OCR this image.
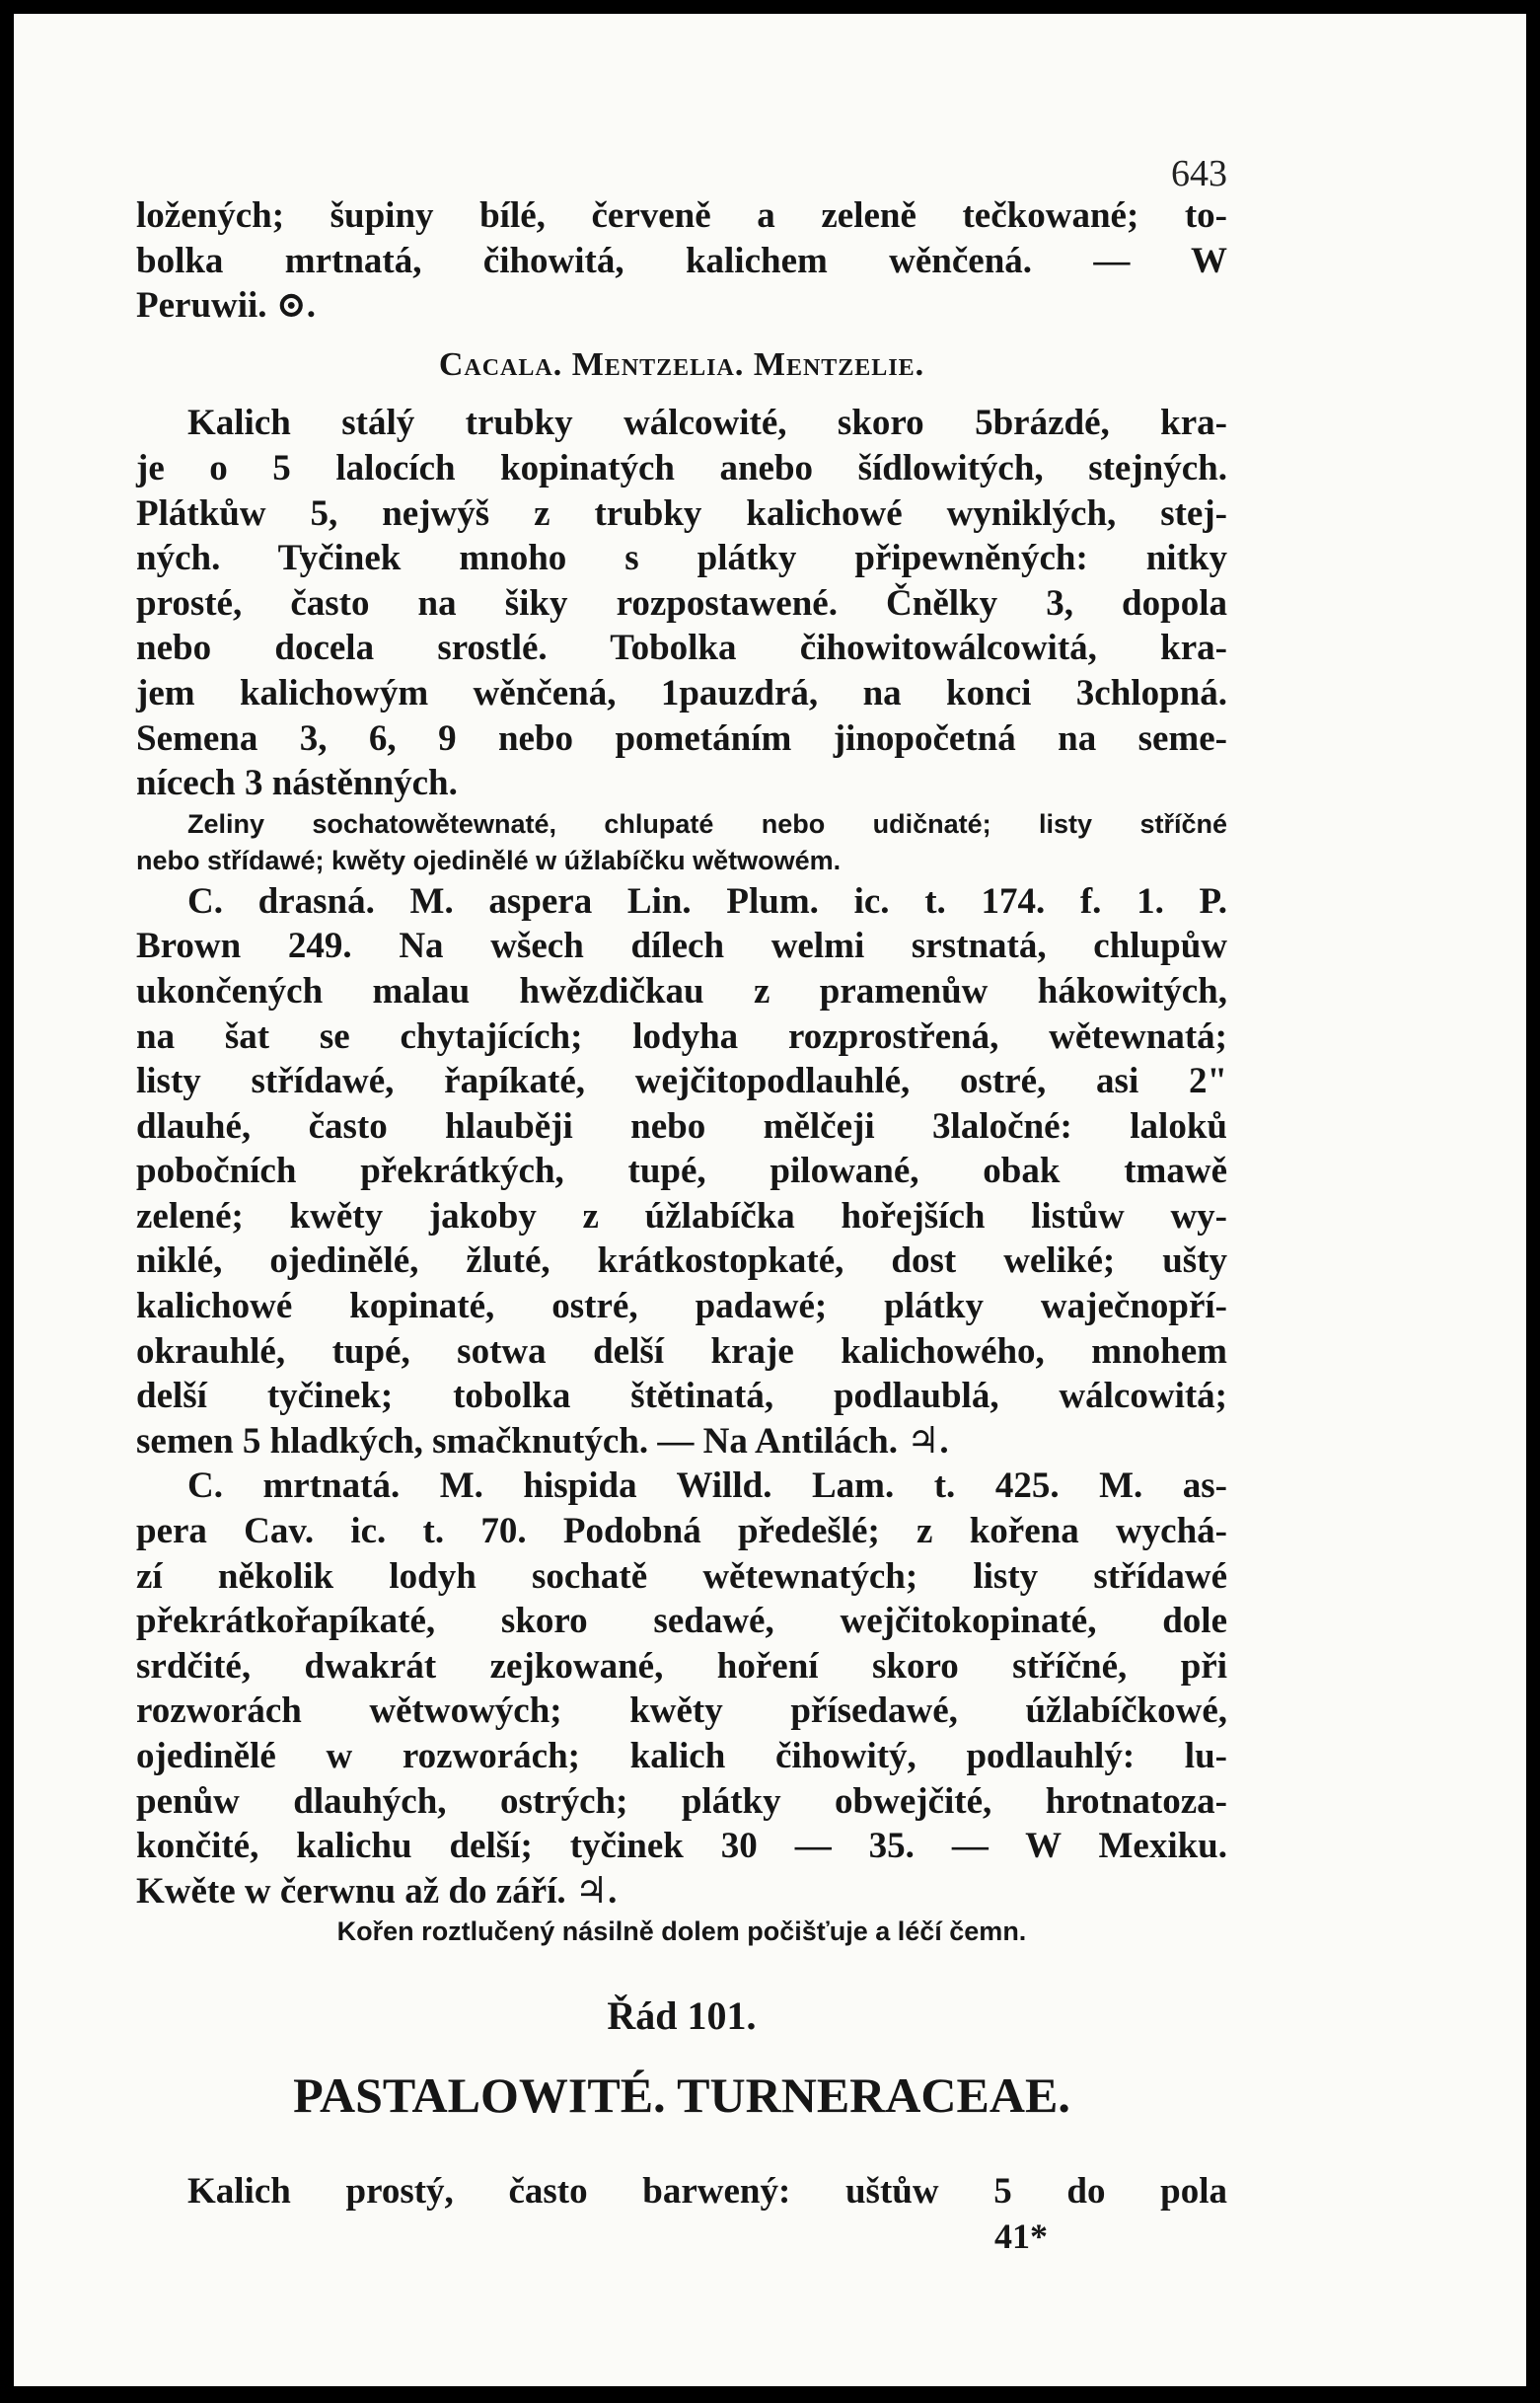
643
ložených; šupiny bílé, červeně a zeleně tečkowané; to-
bolka mrtnatá, čihowitá, kalichem wěnčená. — W
Peruwii. ⊙.
Cacala. Mentzelia. Mentzelie.
Kalich stálý trubky wálcowité, skoro 5brázdé, kra-
je o 5 lalocích kopinatých anebo šídlowitých, stejných.
Plátkůw 5, nejwýš z trubky kalichowé wyniklých, stej-
ných. Tyčinek mnoho s plátky připewněných: nitky
prosté, často na šiky rozpostawené. Čnělky 3, dopola
nebo docela srostlé. Tobolka čihowitowálcowitá, kra-
jem kalichowým wěnčená, 1pauzdrá, na konci 3chlopná.
Semena 3, 6, 9 nebo pometáním jinopočetná na seme-
nícech 3 nástěnných.
Zeliny sochatowětewnaté, chlupaté nebo udičnaté; listy stříčné
nebo střídawé; kwěty ojedinělé w úžlabíčku wětwowém.
C. drasná. M. aspera Lin. Plum. ic. t. 174. f. 1. P.
Brown 249. Na wšech dílech welmi srstnatá, chlupůw
ukončených malau hwězdičkau z pramenůw hákowitých,
na šat se chytajících; lodyha rozprostřená, wětewnatá;
listy střídawé, řapíkaté, wejčitopodlauhlé, ostré, asi 2"
dlauhé, často hlauběji nebo mělčeji 3laločné: laloků
pobočních překrátkých, tupé, pilowané, obak tmawě
zelené; kwěty jakoby z úžlabíčka hořejších listůw wy-
niklé, ojedinělé, žluté, krátkostopkaté, dost weliké; ušty
kalichowé kopinaté, ostré, padawé; plátky waječnopří-
okrauhlé, tupé, sotwa delší kraje kalichowého, mnohem
delší tyčinek; tobolka štětinatá, podlaublá, wálcowitá;
semen 5 hladkých, smačknutých. — Na Antilách. ♃.
C. mrtnatá. M. hispida Willd. Lam. t. 425. M. as-
pera Cav. ic. t. 70. Podobná předešlé; z kořena wychá-
zí několik lodyh sochatě wětewnatých; listy střídawé
překrátkořapíkaté, skoro sedawé, wejčitokopinaté, dole
srdčité, dwakrát zejkowané, hoření skoro stříčné, při
rozworách wětwowých; kwěty přísedawé, úžlabíčkowé,
ojedinělé w rozworách; kalich čihowitý, podlauhlý: lu-
penůw dlauhých, ostrých; plátky obwejčité, hrotnatoza-
končité, kalichu delší; tyčinek 30 — 35. — W Mexiku.
Kwěte w čerwnu až do září. ♃.
Kořen roztlučený násilně dolem počišťuje a léčí čemn.
Řád 101.
PASTALOWITÉ. TURNERACEAE.
Kalich prostý, často barwený: uštůw 5 do pola
41*
